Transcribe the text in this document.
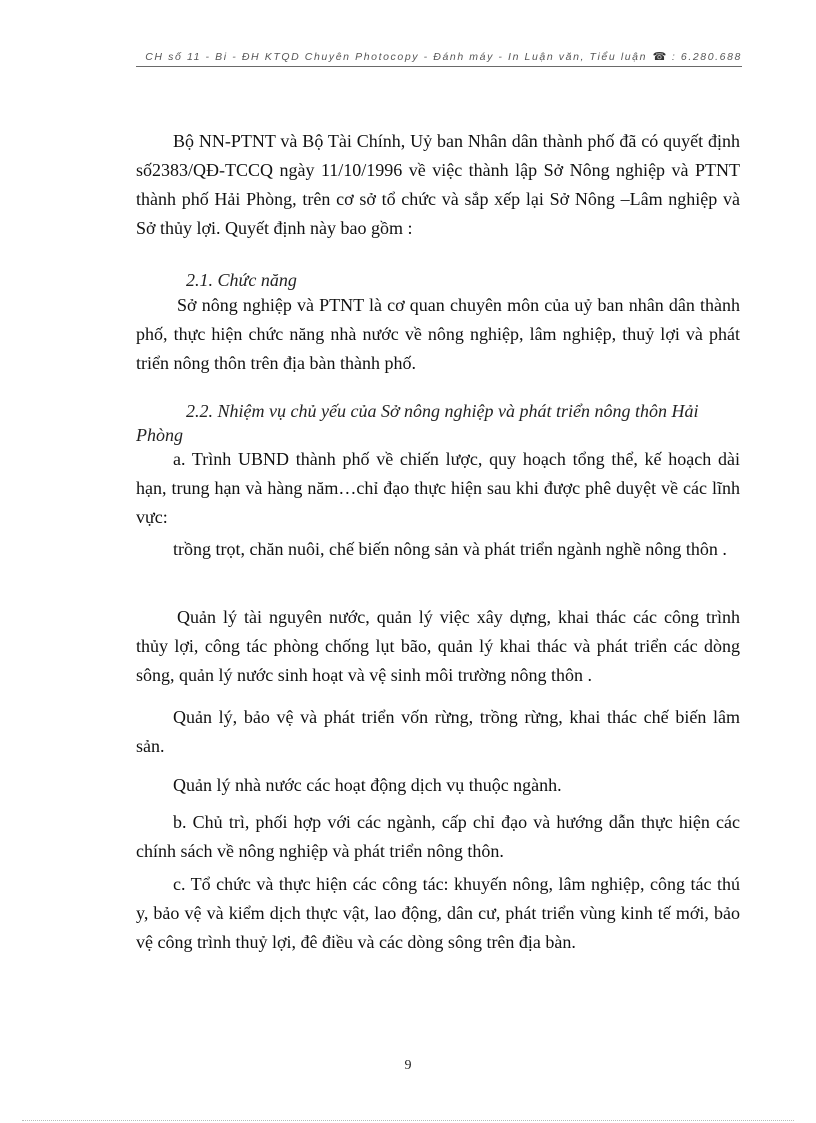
CH số 11 - Bi - ĐH KTQD Chuyên Photocopy - Đánh máy - In Luận văn, Tiểu luận ☎ : 6.280.688

Bộ NN-PTNT và Bộ Tài Chính, Uỷ ban Nhân dân thành phố đã có quyết định số2383/QĐ-TCCQ ngày 11/10/1996 về việc thành lập Sở Nông nghiệp và PTNT thành phố Hải Phòng, trên cơ sở tổ chức và sắp xếp lại Sở Nông –Lâm nghiệp và Sở thủy lợi. Quyết định này bao gồm :

2.1. Chức năng

Sở nông nghiệp và PTNT là cơ quan chuyên môn của uỷ ban nhân dân thành phố, thực hiện chức năng nhà nước về nông nghiệp, lâm nghiệp, thuỷ lợi và phát triển nông thôn trên địa bàn thành phố.

2.2. Nhiệm vụ chủ yếu của Sở nông nghiệp và phát triển nông thôn Hải Phòng

a. Trình UBND thành phố về chiến lược, quy hoạch tổng thể, kế hoạch dài hạn, trung hạn và hàng năm…chỉ đạo thực hiện sau khi được phê duyệt về các lĩnh vực:

trồng trọt, chăn nuôi, chế biến nông sản và phát triển ngành nghề nông thôn .

Quản lý tài nguyên nước, quản lý việc xây dựng, khai thác các công trình thủy lợi, công tác phòng chống lụt bão, quản lý khai thác và phát triển các dòng sông, quản lý nước sinh hoạt và vệ sinh môi trường nông thôn .

Quản lý, bảo vệ và phát triển vốn rừng, trồng rừng, khai thác chế biến lâm sản.

Quản lý nhà nước các hoạt động dịch vụ thuộc ngành.

b. Chủ trì, phối hợp với các ngành, cấp chỉ đạo và hướng dẫn thực hiện các chính sách về nông nghiệp và phát triển nông thôn.

c. Tổ chức và thực hiện các công tác: khuyến nông, lâm nghiệp, công tác thú y, bảo vệ và kiểm dịch thực vật, lao động, dân cư, phát triển vùng kinh tế mới, bảo vệ công trình thuỷ lợi, đê điều và các dòng sông trên địa bàn.

9
